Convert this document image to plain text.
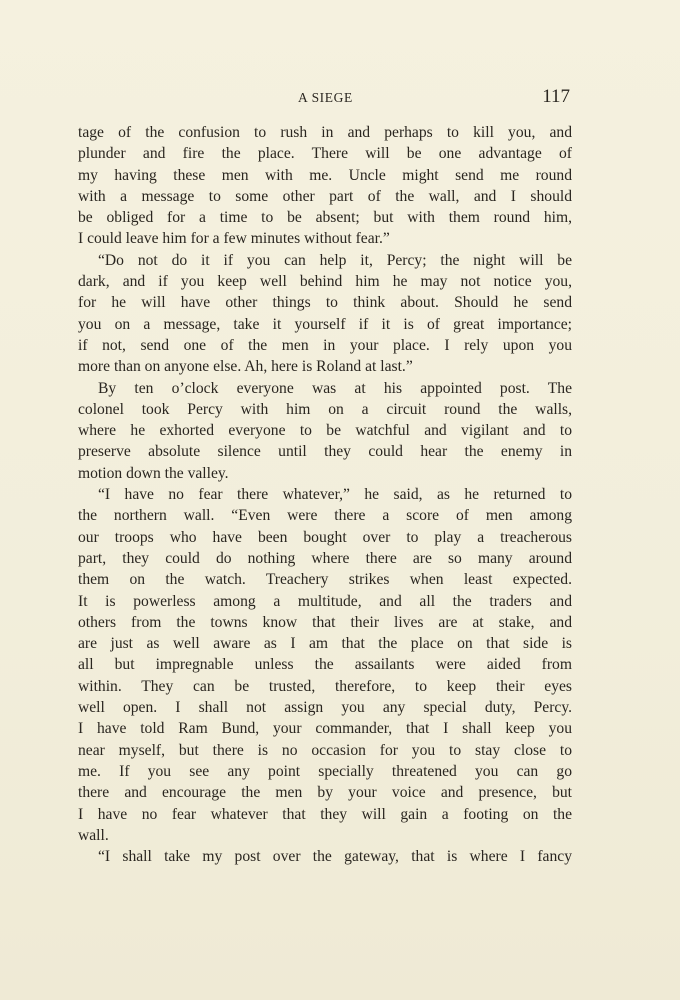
A SIEGE	117
tage of the confusion to rush in and perhaps to kill you, and
plunder and fire the place. There will be one advantage of
my having these men with me. Uncle might send me round
with a message to some other part of the wall, and I should
be obliged for a time to be absent; but with them round him,
I could leave him for a few minutes without fear.”
“Do not do it if you can help it, Percy; the night will be
dark, and if you keep well behind him he may not notice you,
for he will have other things to think about. Should he send
you on a message, take it yourself if it is of great importance;
if not, send one of the men in your place. I rely upon you
more than on anyone else. Ah, here is Roland at last.”
By ten o’clock everyone was at his appointed post. The
colonel took Percy with him on a circuit round the walls,
where he exhorted everyone to be watchful and vigilant and to
preserve absolute silence until they could hear the enemy in
motion down the valley.
“I have no fear there whatever,” he said, as he returned to
the northern wall. “Even were there a score of men among
our troops who have been bought over to play a treacherous
part, they could do nothing where there are so many around
them on the watch. Treachery strikes when least expected.
It is powerless among a multitude, and all the traders and
others from the towns know that their lives are at stake, and
are just as well aware as I am that the place on that side is
all but impregnable unless the assailants were aided from
within. They can be trusted, therefore, to keep their eyes
well open. I shall not assign you any special duty, Percy.
I have told Ram Bund, your commander, that I shall keep you
near myself, but there is no occasion for you to stay close to
me. If you see any point specially threatened you can go
there and encourage the men by your voice and presence, but
I have no fear whatever that they will gain a footing on the
wall.
“I shall take my post over the gateway, that is where I fancy
